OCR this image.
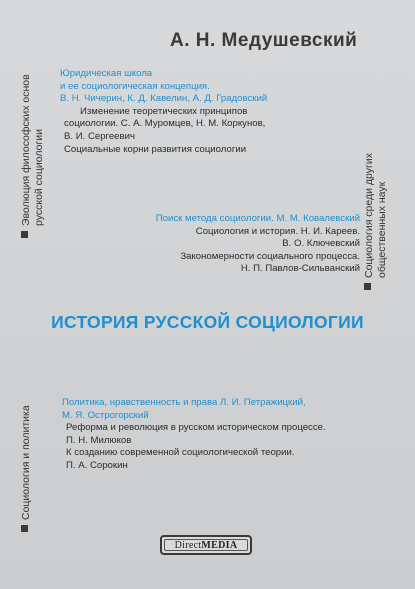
А. Н. Медушевский
Юридическая школа
и ее социологическая концепция.
В. Н. Чичерин, К. Д. Кавелин, А. Д. Градовский
Изменение теоретических принципов
социологии. С. А. Муромцев, Н. М. Коркунов,
В. И. Сергеевич
Социальные корни развития социологии
Поиск метода социологии. М. М. Ковалевский
Социология и история. Н. И. Кареев.
В. О. Ключевский
Закономерности социального процесса.
Н. П. Павлов-Сильванский
ИСТОРИЯ РУССКОЙ СОЦИОЛОГИИ
Политика, нравственность и права Л. И. Петражицкий,
М. Я. Острогорский
Реформа и революция в русском историческом процессе.
П. Н. Милюков
К созданию современной социологической теории.
П. А. Сорокин
Эволюция философских основ русской социологии
Социология и политика
Социология среди других общественных наук
DirectMEDIA
